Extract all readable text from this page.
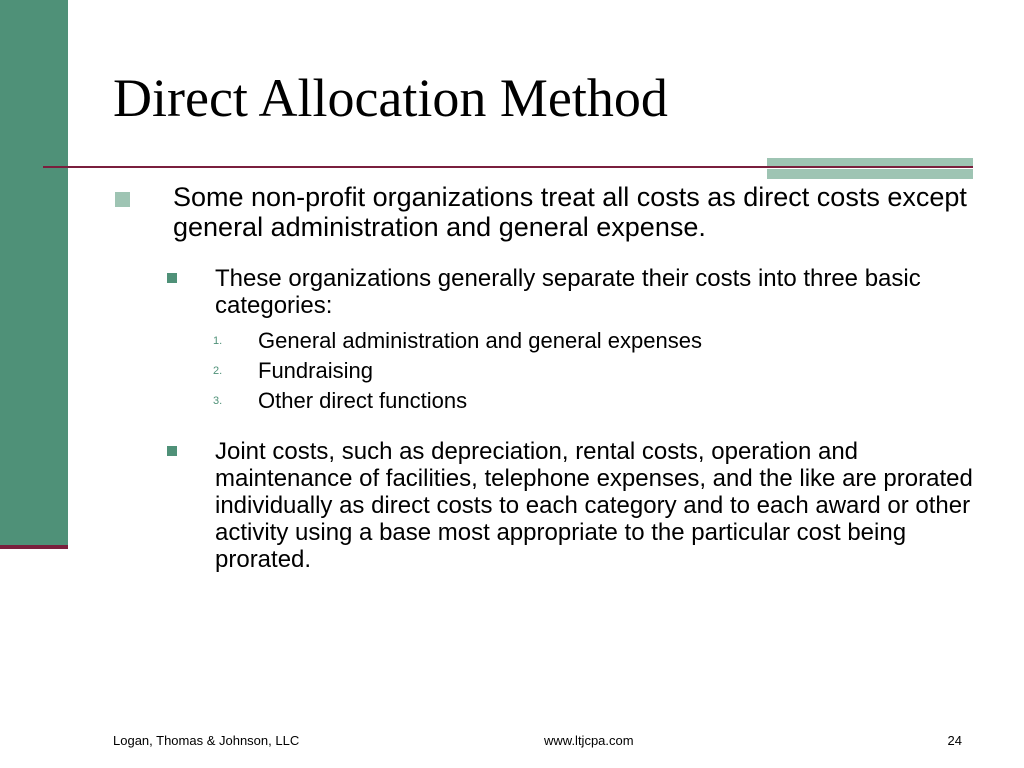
Direct Allocation Method
Some non-profit organizations treat all costs as direct costs except general administration and general expense.
These organizations generally separate their costs into three basic categories:
1. General administration and general expenses
2. Fundraising
3. Other direct functions
Joint costs, such as depreciation, rental costs, operation and maintenance of facilities, telephone expenses, and the like are prorated individually as direct costs to each category and to each award or other activity using a base most appropriate to the particular cost being prorated.
Logan, Thomas & Johnson, LLC	www.ltjcpa.com	24
